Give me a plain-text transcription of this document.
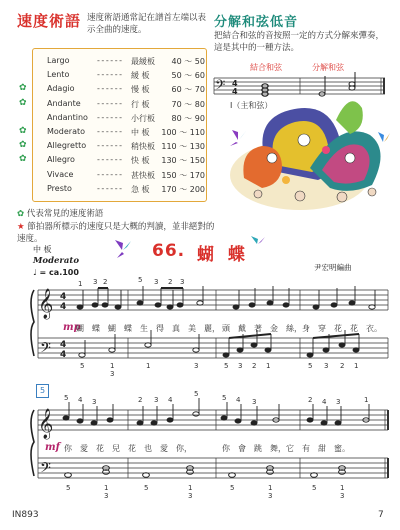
速度術語 速度術語通常記在譜首左端以表示全曲的速度。
Largo	- - - - - - 最緩板	40 ～ 50
Lento	- - - - - - 緩 板	50 ～ 60
✿	Adagio	- - - - - - 慢 板	60 ～ 70
✿	Andante - - - - - - 行 板	70 ～ 80
Andantino - - - - - - 小行板	80 ～ 90
✿	Moderato - - - - - - 中 板	100 ～ 110
✿	Allegretto - - - - - - 稍快板 110 ～ 130
✿	Allegro	- - - - - - 快 板	130 ～ 150
Vivace	- - - - - - 甚快板 150 ～ 170
Presto	- - - - - - 急 板	170 ～ 200
✿ 代表常見的速度術語
★ 節拍器所標示的速度只是大概的判讀，並非絕對的速度。
分解和弦低音
把結合和弦的音按照一定的方式分解來彈奏，這是其中的一種方法。
結合和弦	分解和弦
I（主和弦）
𝄢 4
4
中 板
Moderato
♩ = ca.100
66. 蝴 蝶
尹宏明編曲
𝄞 4
4
1 3 2	5 3 2 3
𝄢 4
4
5	1
3
1	3	5 3 2 1	5 3 2 1
𝄞
5 4 3	2 3 4
5	5 4 3	2 4 3	1
𝄢
5	1
3
5	1
3
5	1
3
5	1
3
mp
蝴　蝶　蝴　蝶　生　得　真　美　麗， 頭　戴　著　金　絲，身　穿　花　花　衣。
5
mf 你　愛　花　兒　花　也　愛　你，	你　會　跳　舞，它　有　甜　蜜。
IN893	7
